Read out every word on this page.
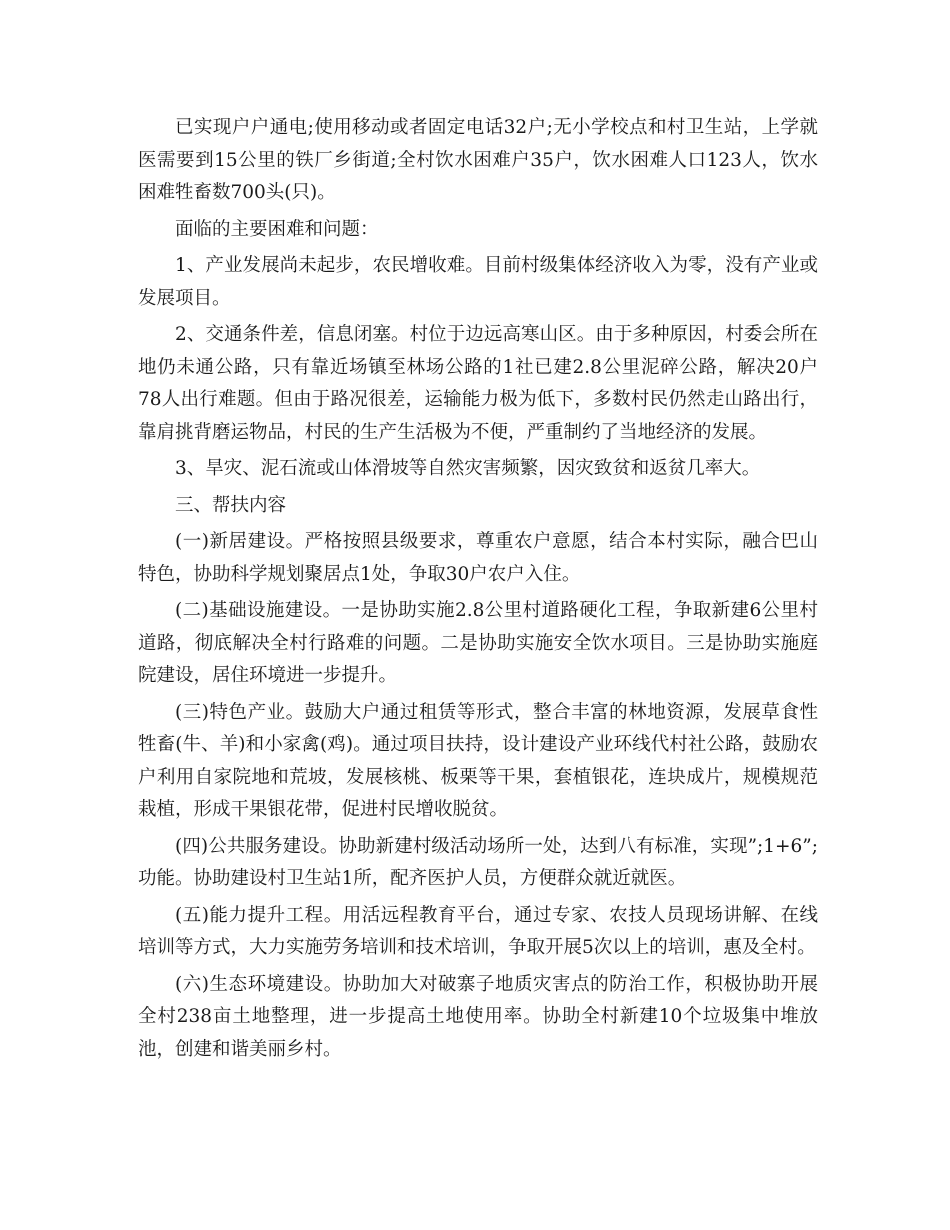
已实现户户通电;使用移动或者固定电话32户;无小学校点和村卫生站，上学就医需要到15公里的铁厂乡街道;全村饮水困难户35户，饮水困难人口123人，饮水困难牲畜数700头(只)。

面临的主要困难和问题：

1、产业发展尚未起步，农民增收难。目前村级集体经济收入为零，没有产业或发展项目。

2、交通条件差，信息闭塞。村位于边远高寒山区。由于多种原因，村委会所在地仍未通公路，只有靠近场镇至林场公路的1社已建2.8公里泥碎公路，解决20户78人出行难题。但由于路况很差，运输能力极为低下，多数村民仍然走山路出行，靠肩挑背磨运物品，村民的生产生活极为不便，严重制约了当地经济的发展。

3、旱灾、泥石流或山体滑坡等自然灾害频繁，因灾致贫和返贫几率大。

三、帮扶内容

(一)新居建设。严格按照县级要求，尊重农户意愿，结合本村实际，融合巴山特色，协助科学规划聚居点1处，争取30户农户入住。

(二)基础设施建设。一是协助实施2.8公里村道路硬化工程，争取新建6公里村道路，彻底解决全村行路难的问题。二是协助实施安全饮水项目。三是协助实施庭院建设，居住环境进一步提升。

(三)特色产业。鼓励大户通过租赁等形式，整合丰富的林地资源，发展草食性牲畜(牛、羊)和小家禽(鸡)。通过项目扶持，设计建设产业环线代村社公路，鼓励农户利用自家院地和荒坡，发展核桃、板栗等干果，套植银花，连块成片，规模规范栽植，形成干果银花带，促进村民增收脱贫。

(四)公共服务建设。协助新建村级活动场所一处，达到八有标准，实现”;1+6”;功能。协助建设村卫生站1所，配齐医护人员，方便群众就近就医。

(五)能力提升工程。用活远程教育平台，通过专家、农技人员现场讲解、在线培训等方式，大力实施劳务培训和技术培训，争取开展5次以上的培训，惠及全村。

(六)生态环境建设。协助加大对破寨子地质灾害点的防治工作，积极协助开展全村238亩土地整理，进一步提高土地使用率。协助全村新建10个垃圾集中堆放池，创建和谐美丽乡村。
